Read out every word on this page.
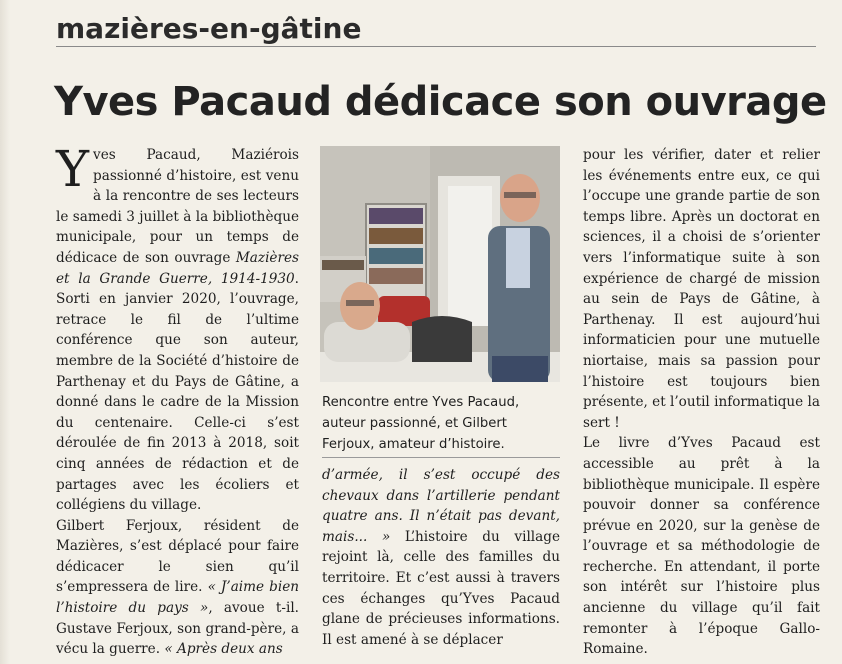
mazières-en-gâtine
Yves Pacaud dédicace son ouvrage

Yves Pacaud, Maziérois passionné d’histoire, est venu à la rencontre de ses lecteurs le samedi 3 juillet à la bibliothèque municipale, pour un temps de dédicace de son ouvrage Mazières et la Grande Guerre, 1914-1930. Sorti en janvier 2020, l’ouvrage, retrace le fil de l’ultime conférence que son auteur, membre de la Société d’histoire de Parthenay et du Pays de Gâtine, a donné dans le cadre de la Mission du centenaire. Celle-ci s’est déroulée de fin 2013 à 2018, soit cinq années de rédaction et de partages avec les écoliers et collégiens du village.

Gilbert Ferjoux, résident de Mazières, s’est déplacé pour faire dédicacer le sien qu’il s’empressera de lire. « J’aime bien l’histoire du pays », avoue t-il. Gustave Ferjoux, son grand-père, a vécu la guerre. « Après deux ans

Rencontre entre Yves Pacaud, auteur passionné, et Gilbert Ferjoux, amateur d’histoire.

d’armée, il s’est occupé des chevaux dans l’artillerie pendant quatre ans. Il n’était pas devant, mais... » L’histoire du village rejoint là, celle des familles du territoire. Et c’est aussi à travers ces échanges qu’Yves Pacaud glane de précieuses informations. Il est amené à se déplacer

pour les vérifier, dater et relier les événements entre eux, ce qui l’occupe une grande partie de son temps libre. Après un doctorat en sciences, il a choisi de s’orienter vers l’informatique suite à son expérience de chargé de mission au sein de Pays de Gâtine, à Parthenay. Il est aujourd’hui informaticien pour une mutuelle niortaise, mais sa passion pour l’histoire est toujours bien présente, et l’outil informatique la sert !

Le livre d’Yves Pacaud est accessible au prêt à la bibliothèque municipale. Il espère pouvoir donner sa conférence prévue en 2020, sur la genèse de l’ouvrage et sa méthodologie de recherche. En attendant, il porte son intérêt sur l’histoire plus ancienne du village qu’il fait remonter à l’époque Gallo-Romaine.
